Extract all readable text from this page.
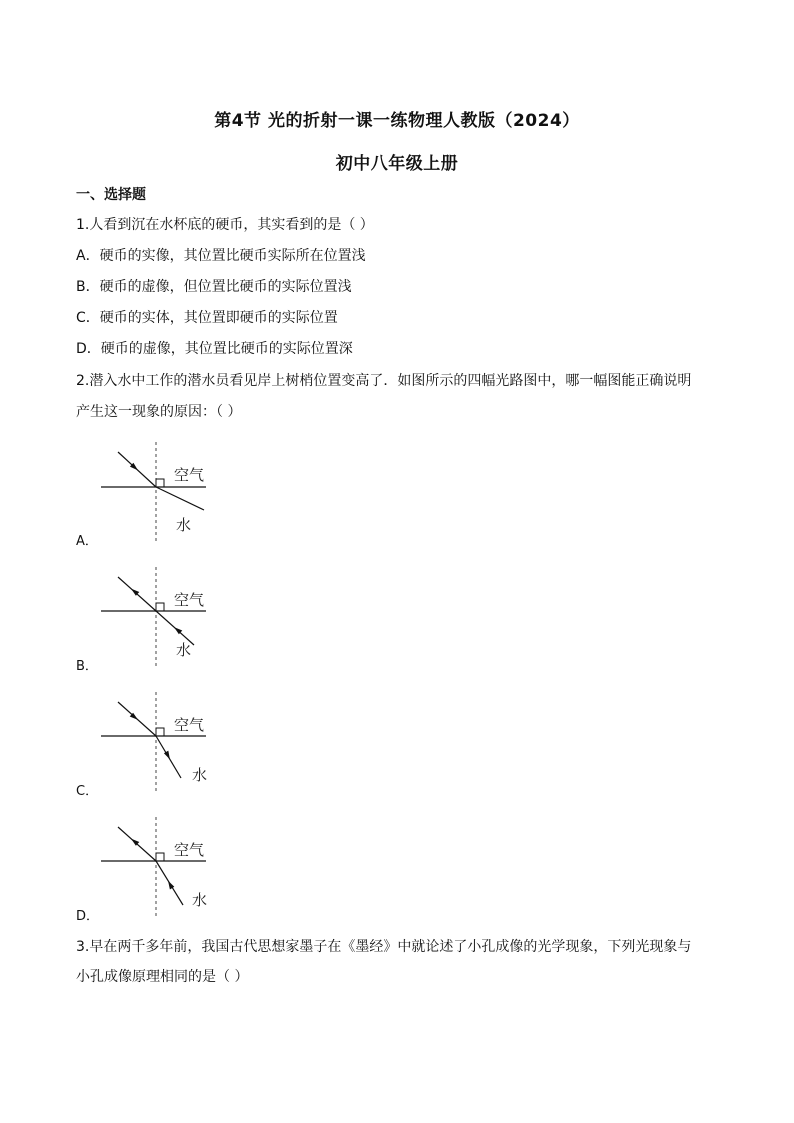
第4节 光的折射一课一练物理人教版（2024）
初中八年级上册
一、选择题
1.人看到沉在水杯底的硬币，其实看到的是（ ）
A．硬币的实像，其位置比硬币实际所在位置浅
B．硬币的虚像，但位置比硬币的实际位置浅
C．硬币的实体，其位置即硬币的实际位置
D．硬币的虚像，其位置比硬币的实际位置深
2.潜入水中工作的潜水员看见岸上树梢位置变高了．如图所示的四幅光路图中，哪一幅图能正确说明
产生这一现象的原因：（ ）
空气
水
A．
空气
水
B．
空气
水
C．
空气
水
D．
3.早在两千多年前，我国古代思想家墨子在《墨经》中就论述了小孔成像的光学现象，下列光现象与
小孔成像原理相同的是（ ）
